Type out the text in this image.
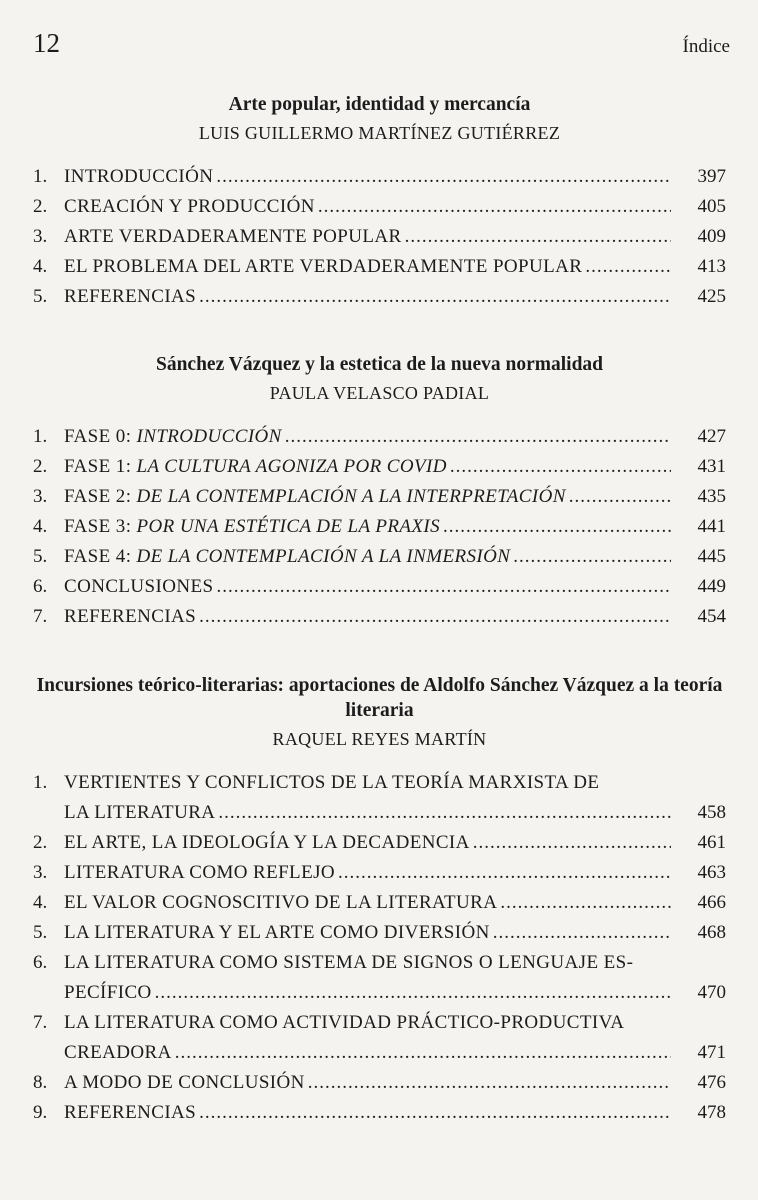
12	Índice
Arte popular, identidad y mercancía
LUIS GUILLERMO MARTÍNEZ GUTIÉRREZ
1. INTRODUCCIÓN .....	397
2. CREACIÓN Y PRODUCCIÓN .....	405
3. ARTE VERDADERAMENTE POPULAR .....	409
4. EL PROBLEMA DEL ARTE VERDADERAMENTE POPULAR .....	413
5. REFERENCIAS .....	425
Sánchez Vázquez y la estetica de la nueva normalidad
PAULA VELASCO PADIAL
1. FASE 0: INTRODUCCIÓN .....	427
2. FASE 1: LA CULTURA AGONIZA POR COVID .....	431
3. FASE 2: DE LA CONTEMPLACIÓN A LA INTERPRETACIÓN .....	435
4. FASE 3: POR UNA ESTÉTICA DE LA PRAXIS .....	441
5. FASE 4: DE LA CONTEMPLACIÓN A LA INMERSIÓN .....	445
6. CONCLUSIONES .....	449
7. REFERENCIAS .....	454
Incursiones teórico-literarias: aportaciones de Aldolfo Sánchez Vázquez a la teoría literaria
RAQUEL REYES MARTÍN
1. VERTIENTES Y CONFLICTOS DE LA TEORÍA MARXISTA DE
LA LITERATURA .....	458
2. EL ARTE, LA IDEOLOGÍA Y LA DECADENCIA .....	461
3. LITERATURA COMO REFLEJO .....	463
4. EL VALOR COGNOSCITIVO DE LA LITERATURA .....	466
5. LA LITERATURA Y EL ARTE COMO DIVERSIÓN .....	468
6. LA LITERATURA COMO SISTEMA DE SIGNOS O LENGUAJE ES-
PECÍFICO .....	470
7. LA LITERATURA COMO ACTIVIDAD PRÁCTICO-PRODUCTIVA
CREADORA .....	471
8. A MODO DE CONCLUSIÓN .....	476
9. REFERENCIAS .....	478
